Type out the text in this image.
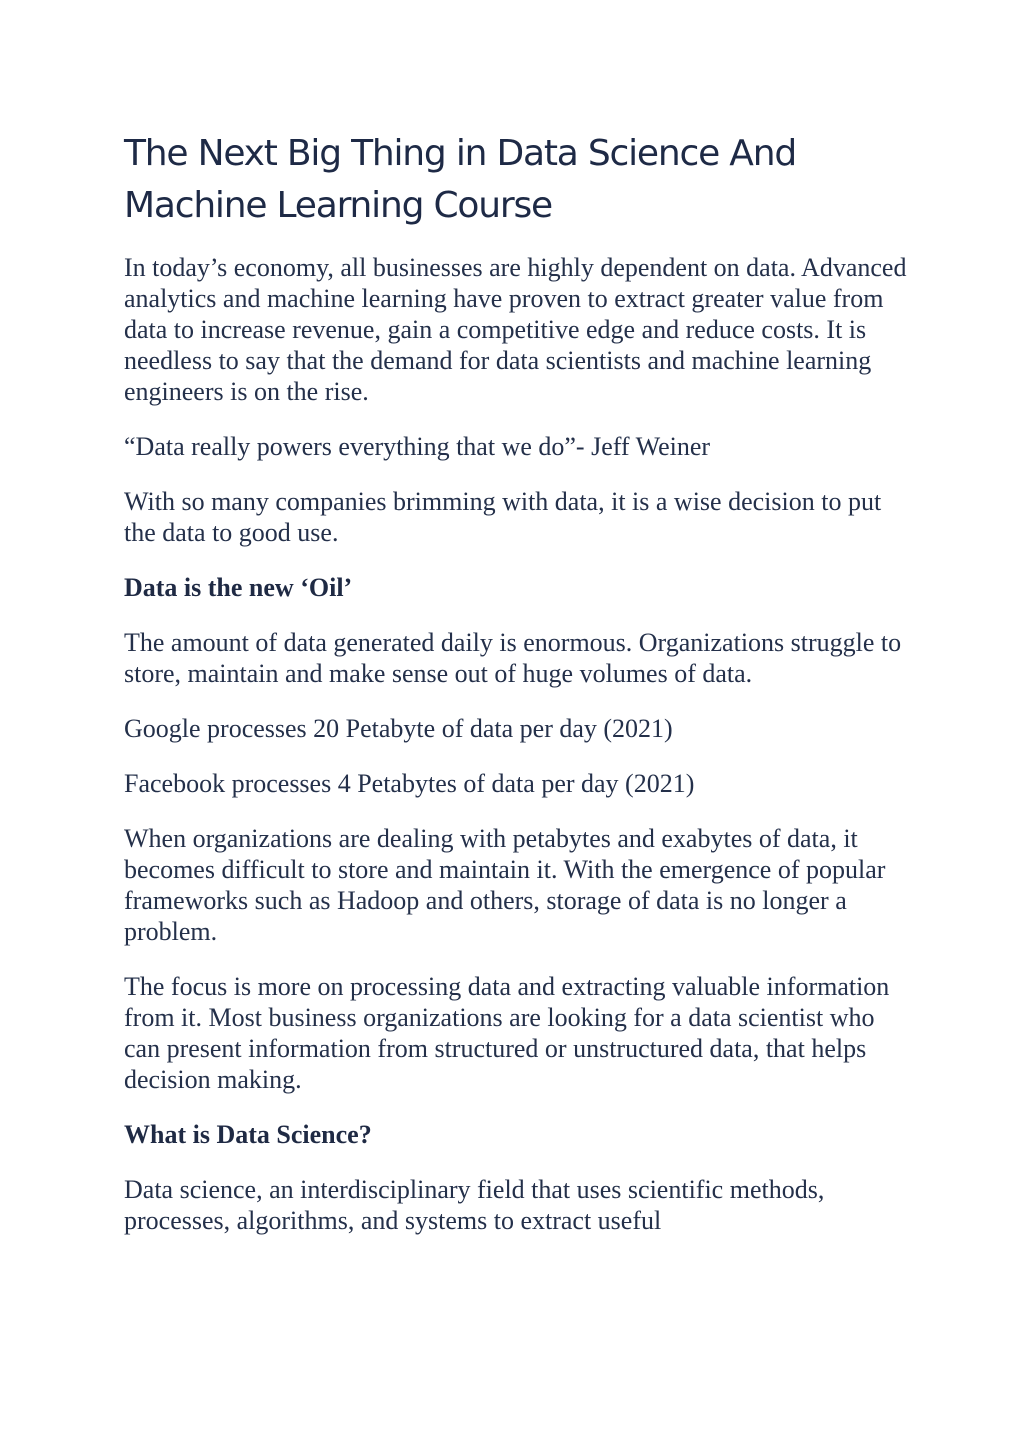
The Next Big Thing in Data Science And Machine Learning Course

In today’s economy, all businesses are highly dependent on data. Advanced analytics and machine learning have proven to extract greater value from data to increase revenue, gain a competitive edge and reduce costs. It is needless to say that the demand for data scientists and machine learning engineers is on the rise.

“Data really powers everything that we do”- Jeff Weiner

With so many companies brimming with data, it is a wise decision to put the data to good use.

Data is the new ‘Oil’

The amount of data generated daily is enormous. Organizations struggle to store, maintain and make sense out of huge volumes of data.

Google processes 20 Petabyte of data per day (2021)

Facebook processes 4 Petabytes of data per day (2021)

When organizations are dealing with petabytes and exabytes of data, it becomes difficult to store and maintain it. With the emergence of popular frameworks such as Hadoop and others, storage of data is no longer a problem.

The focus is more on processing data and extracting valuable information from it. Most business organizations are looking for a data scientist who can present information from structured or unstructured data, that helps decision making.

What is Data Science?

Data science, an interdisciplinary field that uses scientific methods, processes, algorithms, and systems to extract useful
